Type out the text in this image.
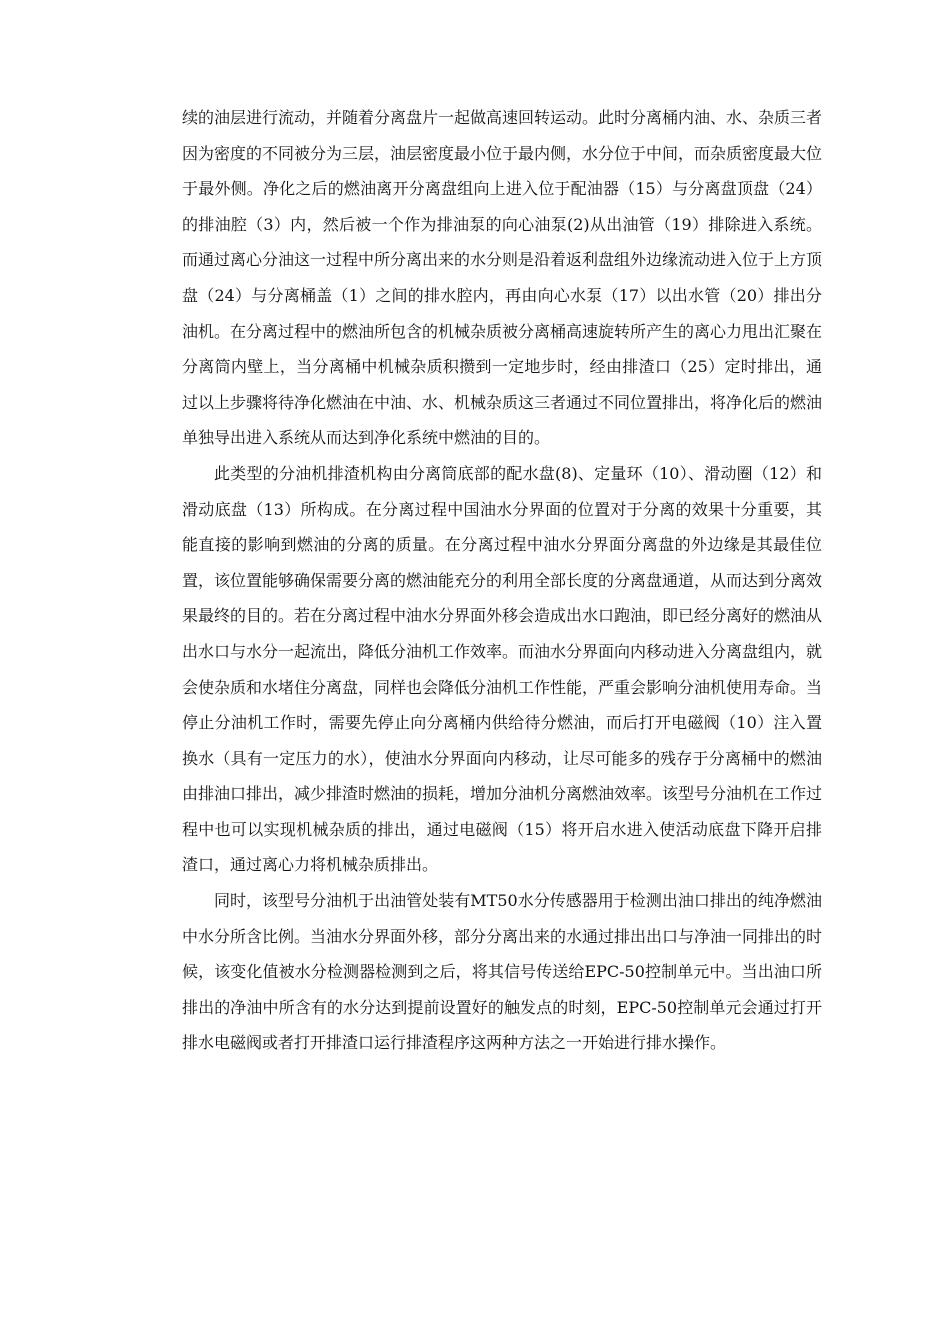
续的油层进行流动，并随着分离盘片一起做高速回转运动。此时分离桶内油、水、杂质三者因为密度的不同被分为三层，油层密度最小位于最内侧，水分位于中间，而杂质密度最大位于最外侧。净化之后的燃油离开分离盘组向上进入位于配油器（15）与分离盘顶盘（24）的排油腔（3）内，然后被一个作为排油泵的向心油泵(2)从出油管（19）排除进入系统。而通过离心分油这一过程中所分离出来的水分则是沿着返利盘组外边缘流动进入位于上方顶盘（24）与分离桶盖（1）之间的排水腔内，再由向心水泵（17）以出水管（20）排出分油机。在分离过程中的燃油所包含的机械杂质被分离桶高速旋转所产生的离心力甩出汇聚在分离筒内壁上，当分离桶中机械杂质积攒到一定地步时，经由排渣口（25）定时排出，通过以上步骤将待净化燃油在中油、水、机械杂质这三者通过不同位置排出，将净化后的燃油单独导出进入系统从而达到净化系统中燃油的目的。

此类型的分油机排渣机构由分离筒底部的配水盘(8)、定量环（10）、滑动圈（12）和滑动底盘（13）所构成。在分离过程中国油水分界面的位置对于分离的效果十分重要，其能直接的影响到燃油的分离的质量。在分离过程中油水分界面分离盘的外边缘是其最佳位置，该位置能够确保需要分离的燃油能充分的利用全部长度的分离盘通道，从而达到分离效果最终的目的。若在分离过程中油水分界面外移会造成出水口跑油，即已经分离好的燃油从出水口与水分一起流出，降低分油机工作效率。而油水分界面向内移动进入分离盘组内，就会使杂质和水堵住分离盘，同样也会降低分油机工作性能，严重会影响分油机使用寿命。当停止分油机工作时，需要先停止向分离桶内供给待分燃油，而后打开电磁阀（10）注入置换水（具有一定压力的水），使油水分界面向内移动，让尽可能多的残存于分离桶中的燃油由排油口排出，减少排渣时燃油的损耗，增加分油机分离燃油效率。该型号分油机在工作过程中也可以实现机械杂质的排出，通过电磁阀（15）将开启水进入使活动底盘下降开启排渣口，通过离心力将机械杂质排出。

同时，该型号分油机于出油管处装有MT50水分传感器用于检测出油口排出的纯净燃油中水分所含比例。当油水分界面外移，部分分离出来的水通过排出出口与净油一同排出的时候，该变化值被水分检测器检测到之后，将其信号传送给EPC-50控制单元中。当出油口所排出的净油中所含有的水分达到提前设置好的触发点的时刻，EPC-50控制单元会通过打开排水电磁阀或者打开排渣口运行排渣程序这两种方法之一开始进行排水操作。
